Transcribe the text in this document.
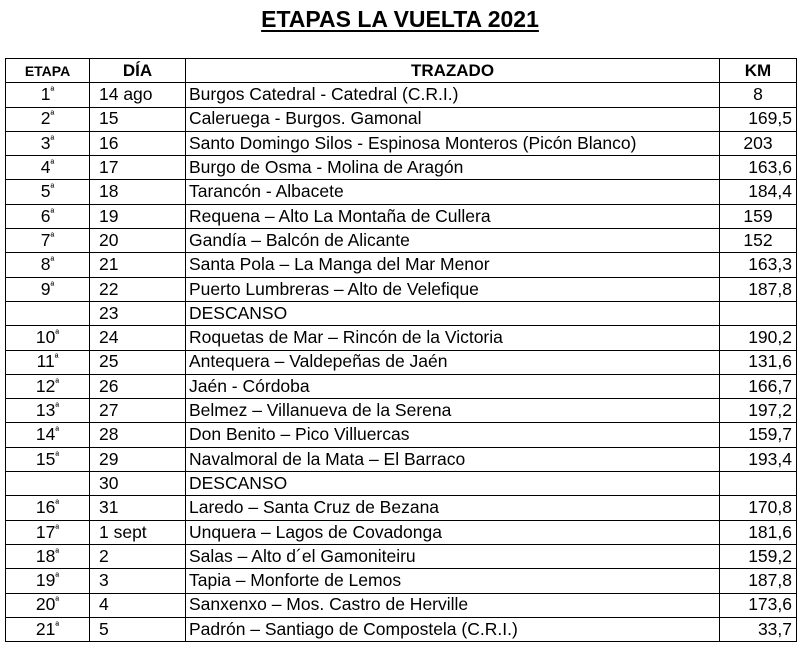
ETAPAS LA VUELTA 2021
ETAPA	DÍA	TRAZADO	KM
$1^ª$	14 ago	Burgos Catedral - Catedral (C.R.I.)	8
$2^ª$	15	Caleruega - Burgos. Gamonal	169,5
$3^ª$	16	Santo Domingo Silos - Espinosa Monteros (Picón Blanco)	203
$4^ª$	17	Burgo de Osma - Molina de Aragón	163,6
$5^ª$	18	Tarancón - Albacete	184,4
$6^ª$	19	Requena – Alto La Montaña de Cullera	159
$7^ª$	20	Gandía – Balcón de Alicante	152
$8^ª$	21	Santa Pola – La Manga del Mar Menor	163,3
$9^ª$	22	Puerto Lumbreras – Alto de Velefique	187,8
	23	DESCANSO	
$10^ª$	24	Roquetas de Mar – Rincón de la Victoria	190,2
$11^ª$	25	Antequera – Valdepeñas de Jaén	131,6
$12^ª$	26	Jaén - Córdoba	166,7
$13^ª$	27	Belmez – Villanueva de la Serena	197,2
$14^ª$	28	Don Benito – Pico Villuercas	159,7
$15^ª$	29	Navalmoral de la Mata – El Barraco	193,4
	30	DESCANSO	
$16^ª$	31	Laredo – Santa Cruz de Bezana	170,8
$17^ª$	1 sept	Unquera – Lagos de Covadonga	181,6
$18^ª$	2	Salas – Alto d´el Gamoniteiru	159,2
$19^ª$	3	Tapia – Monforte de Lemos	187,8
$20^ª$	4	Sanxenxo – Mos. Castro de Herville	173,6
$21^ª$	5	Padrón – Santiago de Compostela (C.R.I.)	33,7
